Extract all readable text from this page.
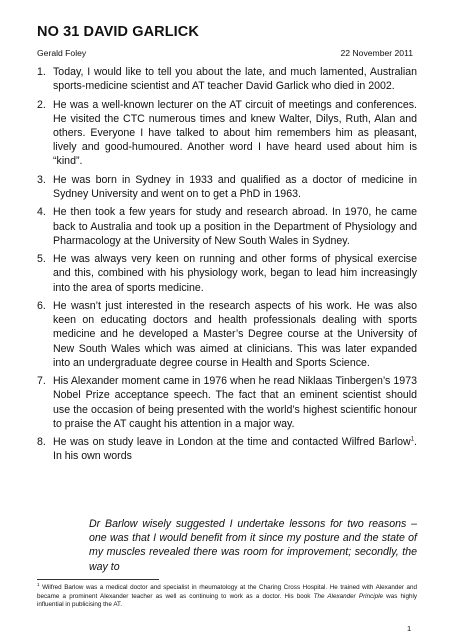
NO 31 DAVID GARLICK
Gerald Foley	22 November 2011
1. Today, I would like to tell you about the late, and much lamented, Australian sports-medicine scientist and AT teacher David Garlick who died in 2002.
2. He was a well-known lecturer on the AT circuit of meetings and conferences. He visited the CTC numerous times and knew Walter, Dilys, Ruth, Alan and others. Everyone I have talked to about him remembers him as pleasant, lively and good-humoured. Another word I have heard used about him is “kind”.
3. He was born in Sydney in 1933 and qualified as a doctor of medicine in Sydney University and went on to get a PhD in 1963.
4. He then took a few years for study and research abroad. In 1970, he came back to Australia and took up a position in the Department of Physiology and Pharmacology at the University of New South Wales in Sydney.
5. He was always very keen on running and other forms of physical exercise and this, combined with his physiology work, began to lead him increasingly into the area of sports medicine.
6. He wasn’t just interested in the research aspects of his work. He was also keen on educating doctors and health professionals dealing with sports medicine and he developed a Master’s Degree course at the University of New South Wales which was aimed at clinicians. This was later expanded into an undergraduate degree course in Health and Sports Science.
7. His Alexander moment came in 1976 when he read Niklaas Tinbergen’s 1973 Nobel Prize acceptance speech. The fact that an eminent scientist should use the occasion of being presented with the world’s highest scientific honour to praise the AT caught his attention in a major way.
8. He was on study leave in London at the time and contacted Wilfred Barlow$^1$. In his own words
Dr Barlow wisely suggested I undertake lessons for two reasons – one was that I would benefit from it since my posture and the state of my muscles revealed there was room for improvement; secondly, the way to
$^1$ Wilfred Barlow was a medical doctor and specialist in rheumatology at the Charing Cross Hospital. He trained with Alexander and became a prominent Alexander teacher as well as continuing to work as a doctor. His book The Alexander Principle was highly influential in publicising the AT.
1
